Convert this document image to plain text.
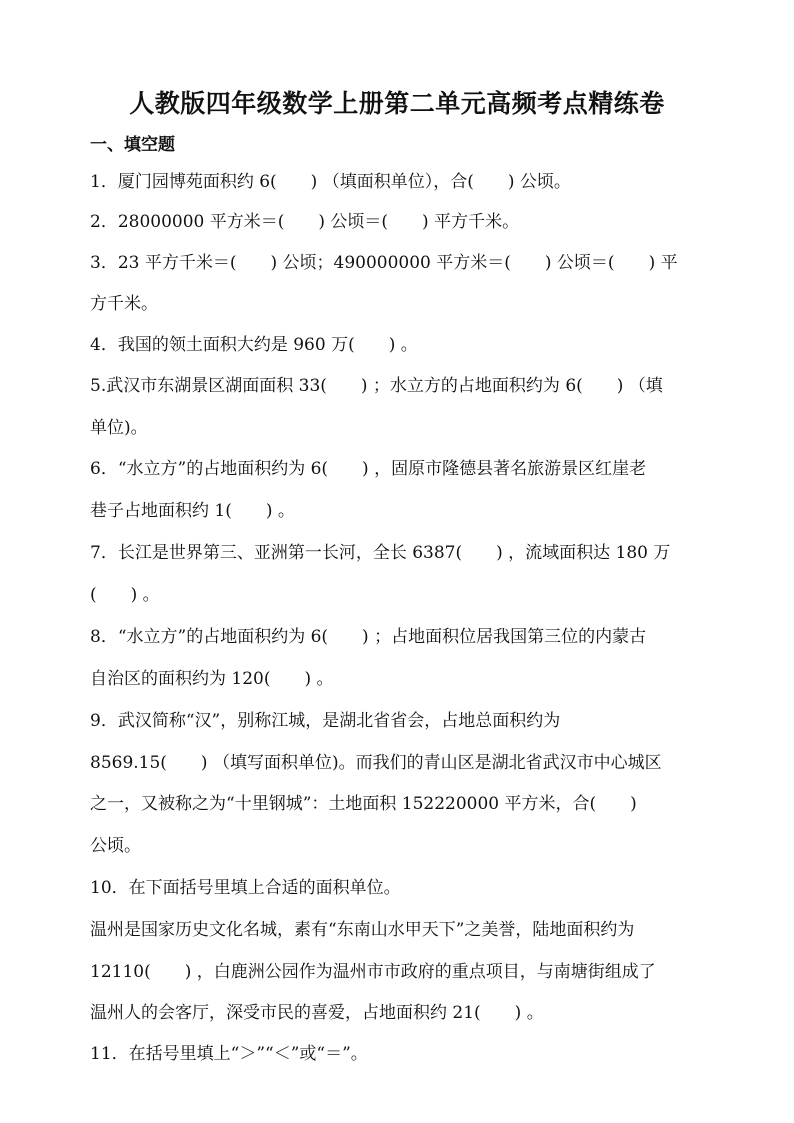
人教版四年级数学上册第二单元高频考点精练卷
一、填空题
1．厦门园博苑面积约 6(　　) （填面积单位），合(　　) 公顷。
2．28000000 平方米＝(　　) 公顷＝(　　) 平方千米。
3．23 平方千米＝(　　) 公顷；490000000 平方米＝(　　) 公顷＝(　　) 平
方千米。
4．我国的领土面积大约是 960 万(　　) 。
5.武汉市东湖景区湖面面积 33(　　) ；水立方的占地面积约为 6(　　) （填
单位)。
6．“水立方”的占地面积约为 6(　　) ，固原市隆德县著名旅游景区红崖老
巷子占地面积约 1(　　) 。
7．长江是世界第三、亚洲第一长河，全长 6387(　　) ，流域面积达 180 万
(　　) 。
8．“水立方”的占地面积约为 6(　　) ；占地面积位居我国第三位的内蒙古
自治区的面积约为 120(　　) 。
9．武汉简称“汉”，别称江城，是湖北省省会，占地总面积约为
8569.15(　　) （填写面积单位)。而我们的青山区是湖北省武汉市中心城区
之一，又被称之为“十里钢城”：土地面积 152220000 平方米，合(　　)
公顷。
10．在下面括号里填上合适的面积单位。
温州是国家历史文化名城，素有“东南山水甲天下”之美誉，陆地面积约为
12110(　　) ，白鹿洲公园作为温州市市政府的重点项目，与南塘街组成了
温州人的会客厅，深受市民的喜爱，占地面积约 21(　　) 。
11．在括号里填上“＞”“＜”或“＝”。
